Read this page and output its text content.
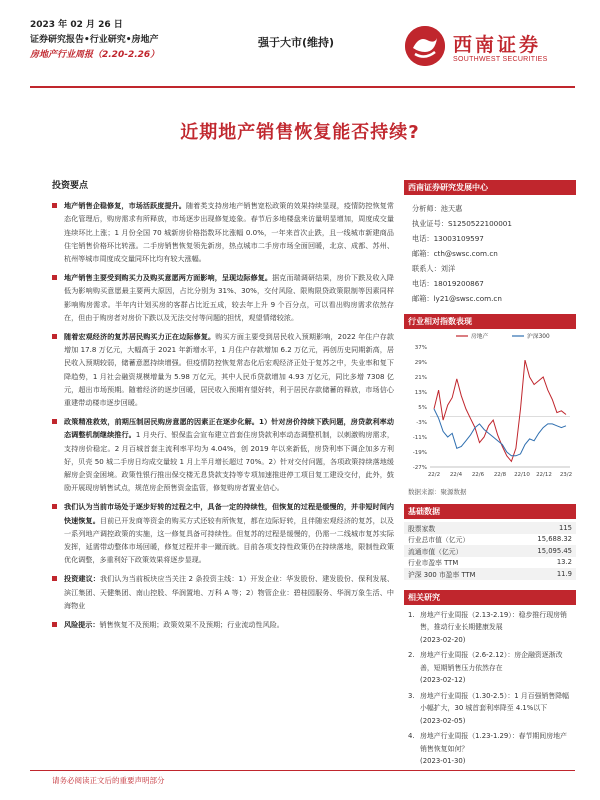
2023 年 02 月 26 日
证券研究报告•行业研究•房地产
房地产行业周报（2.20-2.26）
强于大市(维持)	西南证券
SOUTHWEST SECURITIES
近期地产销售恢复能否持续?
投资要点
地产销售企稳修复，市场活跃度提升。随着类支持房地产销售宽松政策的效果持续显现，疫情防控恢复常态化管理后，购房需求有所释放，市场逐步出现修复迹象。春节后多地楼盘来访量明显增加，周度成交量连续环比上涨；1 月份全国 70 城新房价格指数环比涨幅 0.0%，一年来首次止跌，且一线城市新建商品住宅销售价格环比转涨。二手房销售恢复领先新房，热点城市二手房市场全面回暖，北京、成都、苏州、杭州等城市周度成交量同环比均有较大涨幅。
地产销售主要受到购买力及购买意愿两方面影响，呈现边际修复。据克而瑞调研结果，房价下跌及收入降低为影响购买意愿最主要两大原因，占比分别为 31%、30%，交付风险、限购限贷政策限制等因素同样影响购房需求。半年内计划买房的客群占比近五成，较去年上升 9 个百分点，可以看出购房需求依然存在，但由于购房者对房价下跌以及无法交付等问题的担忧，观望情绪较浓。
随着宏观经济的复苏居民购买力正在边际修复。购买方面主要受到居民收入预期影响，2022 年住户存款增加 17.8 万亿元，大幅高于 2021 年新增水平，1 月住户存款增加 6.2 万亿元，再创历史同期新高，居民收入预期较弱，储蓄意愿持续增强。但疫情防控恢复常态化后宏观经济正处于复苏之中，失业率和复下降趋势，1 月社会融资规模增量为 5.98 万亿元，其中人民币贷款增加 4.93 万亿元，同比多增 7308 亿元，超出市场预期。随着经济的逐步回暖，居民收入预期有望好转，利于居民存款储蓄的释放，市场信心重建带动楼市逐步回暖。
政策精准救效，前期压制居民购房意愿的因素正在逐步化解。1）针对房价持续下跌问题，房贷款利率动态调整机制继续推行。1 月央行、银保监会宣布建立首套住房贷款利率动态调整机制，以刺激购房需求，支持房价稳定。2 月百城首套主流利率平均为 4.04%，创 2019 年以来新低，房贷利率下调企加多方利好，贝壳 50 城二手房日均成交量较 1 月上半月增长超过 70%。2）针对交付问题，各项政策持续落地缓解房企资金困境。政策性银行推出保交楼无息贷款支持等专项加速推进停工项目复工建设交付，此外，鼓励开展现房销售试点，规范房企预售资金监管，修复购房者置业信心。
我们认为当前市场处于逐步好转的过程之中，具备一定的持续性，但恢复的过程是缓慢的，并非短时间内快速恢复。目前已开发商等资金的购买方式还较有所恢复，都在边际好转，且伴随宏观经济的复苏，以及一系列地产调控政策的实施，这一修复具备可持续性。但复苏的过程是缓慢的，仍需一二线城市复苏实际发挥，延需带动整体市场回暖，修复过程并非一蹴而就。目前各项支持性政策仍在持续落地，限制性政策优化调整，多重利好下政策效果将逐步显现。
投资建议：我们认为当前板块应当关注 2 条投资主线：1）开发企业：华发股份、建发股份、保利发展、滨江集团、天健集团、南山控股、华润置地、万科 A 等；2）物管企业：碧桂园服务、华润万象生活、中海物业
风险提示：销售恢复不及预期；政策效果不及预期；行业流动性风险。
西南证券研究发展中心
分析师：池天惠
执业证号：S1250522100001
电话：13003109597
邮箱：cth@swsc.com.cn
联系人：刘洋
电话：18019200867
邮箱：ly21@swsc.com.cn
行业相对指数表现
37%
29%
21%
13%
5%
-3%
-11%
-19%
-27%
22/2 22/4 22/6 22/8 22/10 22/12 23/2
房地产	沪深300
数据来源：聚源数据
基础数据
股票家数	115
行业总市值（亿元）	15,688.32
流通市值（亿元）	15,095.45
行业市盈率 TTM	13.2
沪深 300 市盈率 TTM	11.9
相关研究
1. 房地产行业周报（2.13-2.19）：稳步推行现房销售，推动行业长期健康发展
(2023-02-20)
2. 房地产行业周报（2.6-2.12）：房企融资逐渐改善，短期销售压力依然存在
(2023-02-12)
3. 房地产行业周报（1.30-2.5）：1 月百强销售降幅小幅扩大，30 城首套利率降至 4.1%以下
(2023-02-05)
4. 房地产行业周报（1.23-1.29）：春节期间房地产销售恢复如何？
(2023-01-30)
请务必阅读正文后的重要声明部分
